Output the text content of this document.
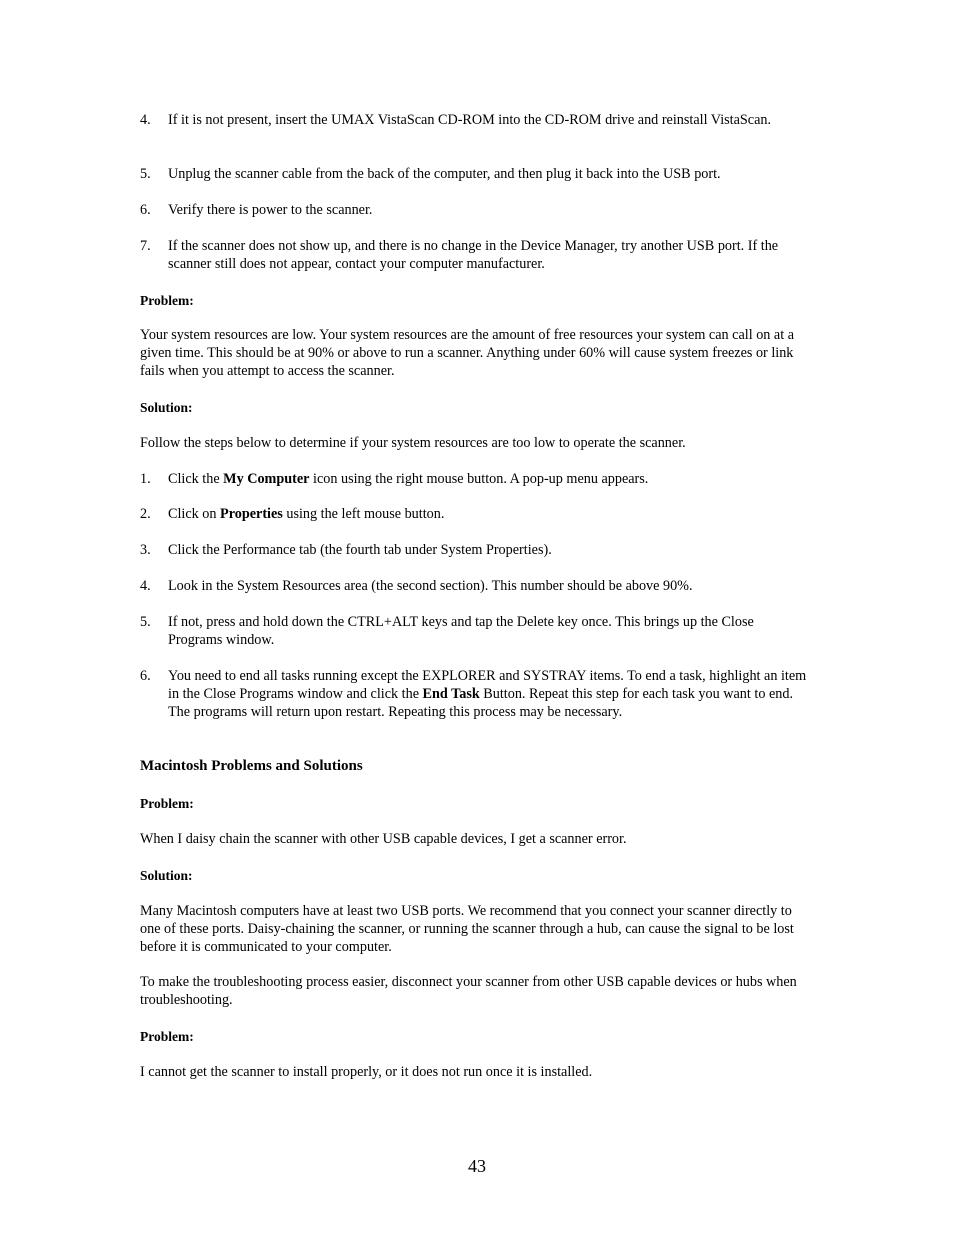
4.	If it is not present, insert the UMAX VistaScan CD-ROM into the CD-ROM drive and reinstall VistaScan.
5.	Unplug the scanner cable from the back of the computer, and then plug it back into the USB port.
6.	Verify there is power to the scanner.
7.	If the scanner does not show up, and there is no change in the Device Manager, try another USB port. If the scanner still does not appear, contact your computer manufacturer.
Problem:
Your system resources are low. Your system resources are the amount of free resources your system can call on at a given time. This should be at 90% or above to run a scanner. Anything under 60% will cause system freezes or link fails when you attempt to access the scanner.
Solution:
Follow the steps below to determine if your system resources are too low to operate the scanner.
1.	Click the My Computer icon using the right mouse button. A pop-up menu appears.
2.	Click on Properties using the left mouse button.
3.	Click the Performance tab (the fourth tab under System Properties).
4.	Look in the System Resources area (the second section). This number should be above 90%.
5.	If not, press and hold down the CTRL+ALT keys and tap the Delete key once. This brings up the Close Programs window.
6.	You need to end all tasks running except the EXPLORER and SYSTRAY items. To end a task, highlight an item in the Close Programs window and click the End Task Button. Repeat this step for each task you want to end. The programs will return upon restart. Repeating this process may be necessary.
Macintosh Problems and Solutions
Problem:
When I daisy chain the scanner with other USB capable devices, I get a scanner error.
Solution:
Many Macintosh computers have at least two USB ports. We recommend that you connect your scanner directly to one of these ports. Daisy-chaining the scanner, or running the scanner through a hub, can cause the signal to be lost before it is communicated to your computer.
To make the troubleshooting process easier, disconnect your scanner from other USB capable devices or hubs when troubleshooting.
Problem:
I cannot get the scanner to install properly, or it does not run once it is installed.
43
